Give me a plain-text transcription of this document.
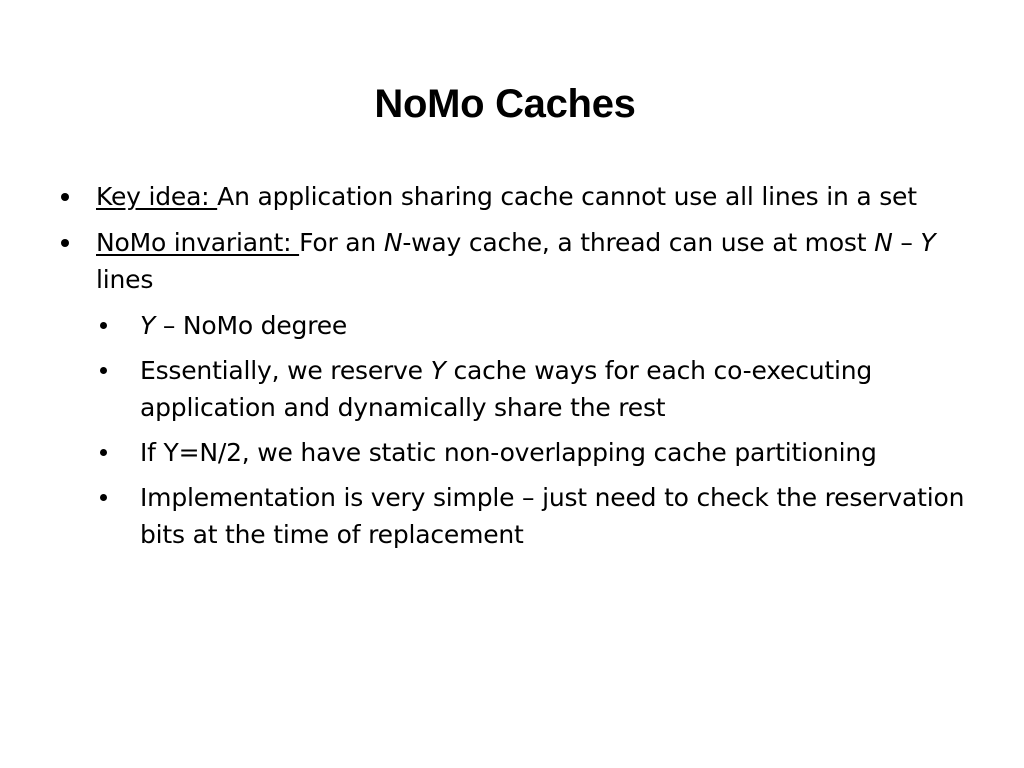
NoMo Caches
Key idea: An application sharing cache cannot use all lines in a set
NoMo invariant: For an N-way cache, a thread can use at most N – Y lines
Y – NoMo degree
Essentially, we reserve Y cache ways for each co-executing application and dynamically share the rest
If Y=N/2, we have static non-overlapping cache partitioning
Implementation is very simple – just need to check the reservation bits at the time of replacement
